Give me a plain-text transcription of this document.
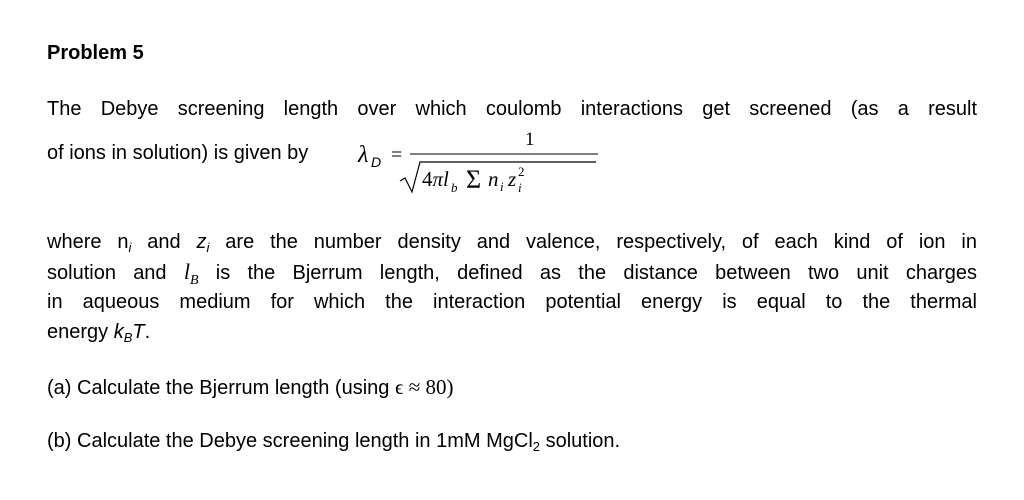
Problem 5
The Debye screening length over which coulomb interactions get screened (as a result
of ions in solution) is given by λ D =
1
4πl b Σ n i z i
2
where $n_i$ and $z_i$ are the number density and valence, respectively, of each kind of ion in
solution and $l_B$ is the Bjerrum length, defined as the distance between two unit charges
in aqueous medium for which the interaction potential energy is equal to the thermal
energy $k_BT$.
(a) Calculate the Bjerrum length (using ϵ ≈ 80)
(b) Calculate the Debye screening length in 1mM MgCl$_2$ solution.
